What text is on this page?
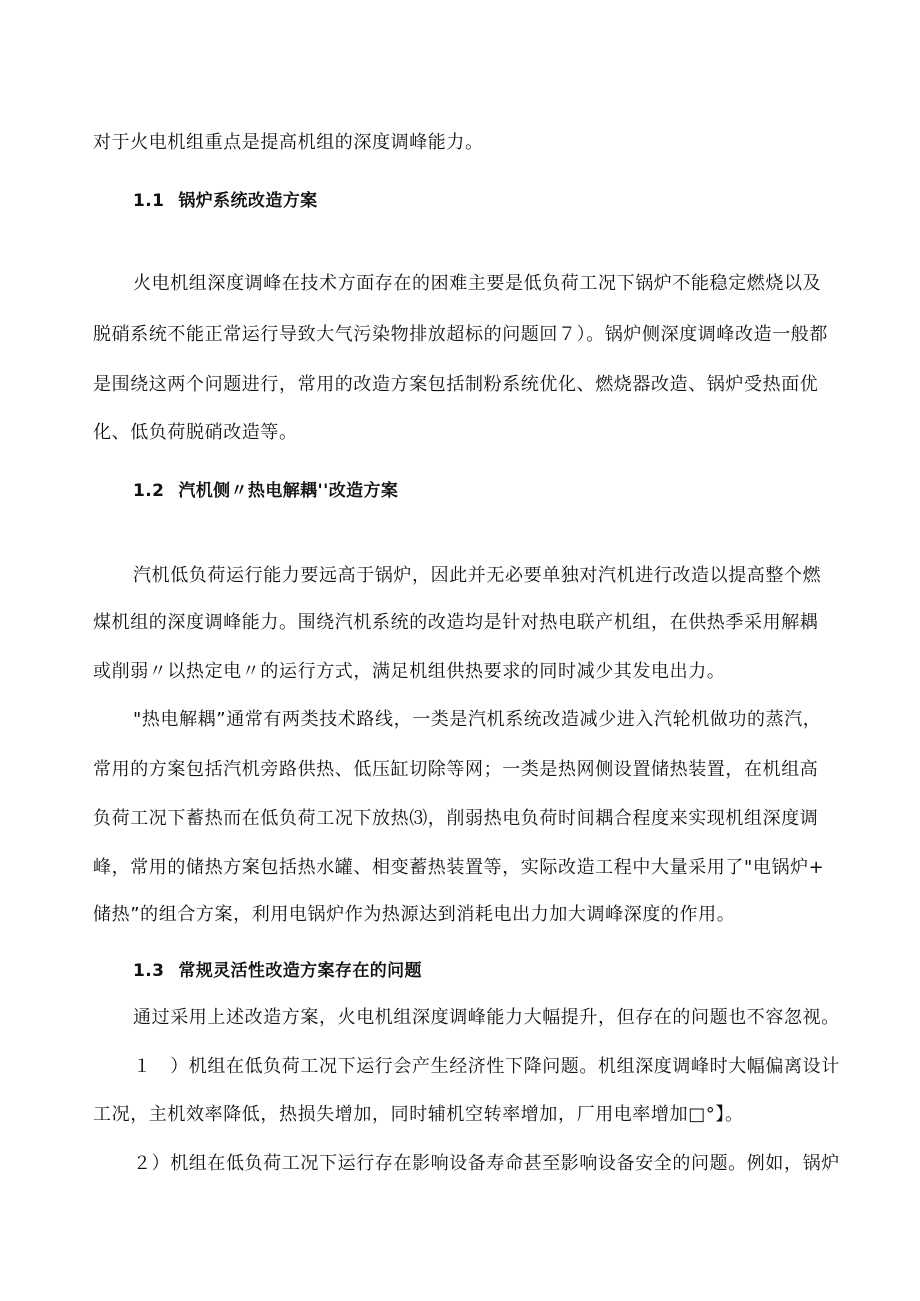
对于火电机组重点是提高机组的深度调峰能力。
1.1 锅炉系统改造方案
火电机组深度调峰在技术方面存在的困难主要是低负荷工况下锅炉不能稳定燃烧以及
脱硝系统不能正常运行导致大气污染物排放超标的问题回７）。锅炉侧深度调峰改造一般都
是围绕这两个问题进行，常用的改造方案包括制粉系统优化、燃烧器改造、锅炉受热面优
化、低负荷脱硝改造等。
1.2 汽机侧〃热电解耦''改造方案
汽机低负荷运行能力要远高于锅炉，因此并无必要单独对汽机进行改造以提高整个燃
煤机组的深度调峰能力。围绕汽机系统的改造均是针对热电联产机组，在供热季采用解耦
或削弱〃以热定电〃的运行方式，满足机组供热要求的同时减少其发电出力。
"热电解耦”通常有两类技术路线，一类是汽机系统改造减少进入汽轮机做功的蒸汽，
常用的方案包括汽机旁路供热、低压缸切除等网；一类是热网侧设置储热装置，在机组高
负荷工况下蓄热而在低负荷工况下放热⑶，削弱热电负荷时间耦合程度来实现机组深度调
峰，常用的储热方案包括热水罐、相变蓄热装置等，实际改造工程中大量采用了"电锅炉+
储热”的组合方案，利用电锅炉作为热源达到消耗电出力加大调峰深度的作用。
1.3 常规灵活性改造方案存在的问题
通过采用上述改造方案，火电机组深度调峰能力大幅提升，但存在的问题也不容忽视。
１　）机组在低负荷工况下运行会产生经济性下降问题。机组深度调峰时大幅偏离设计
工况，主机效率降低，热损失增加，同时辅机空转率增加，厂用电率增加□°】。
２）机组在低负荷工况下运行存在影响设备寿命甚至影响设备安全的问题。例如，锅炉
